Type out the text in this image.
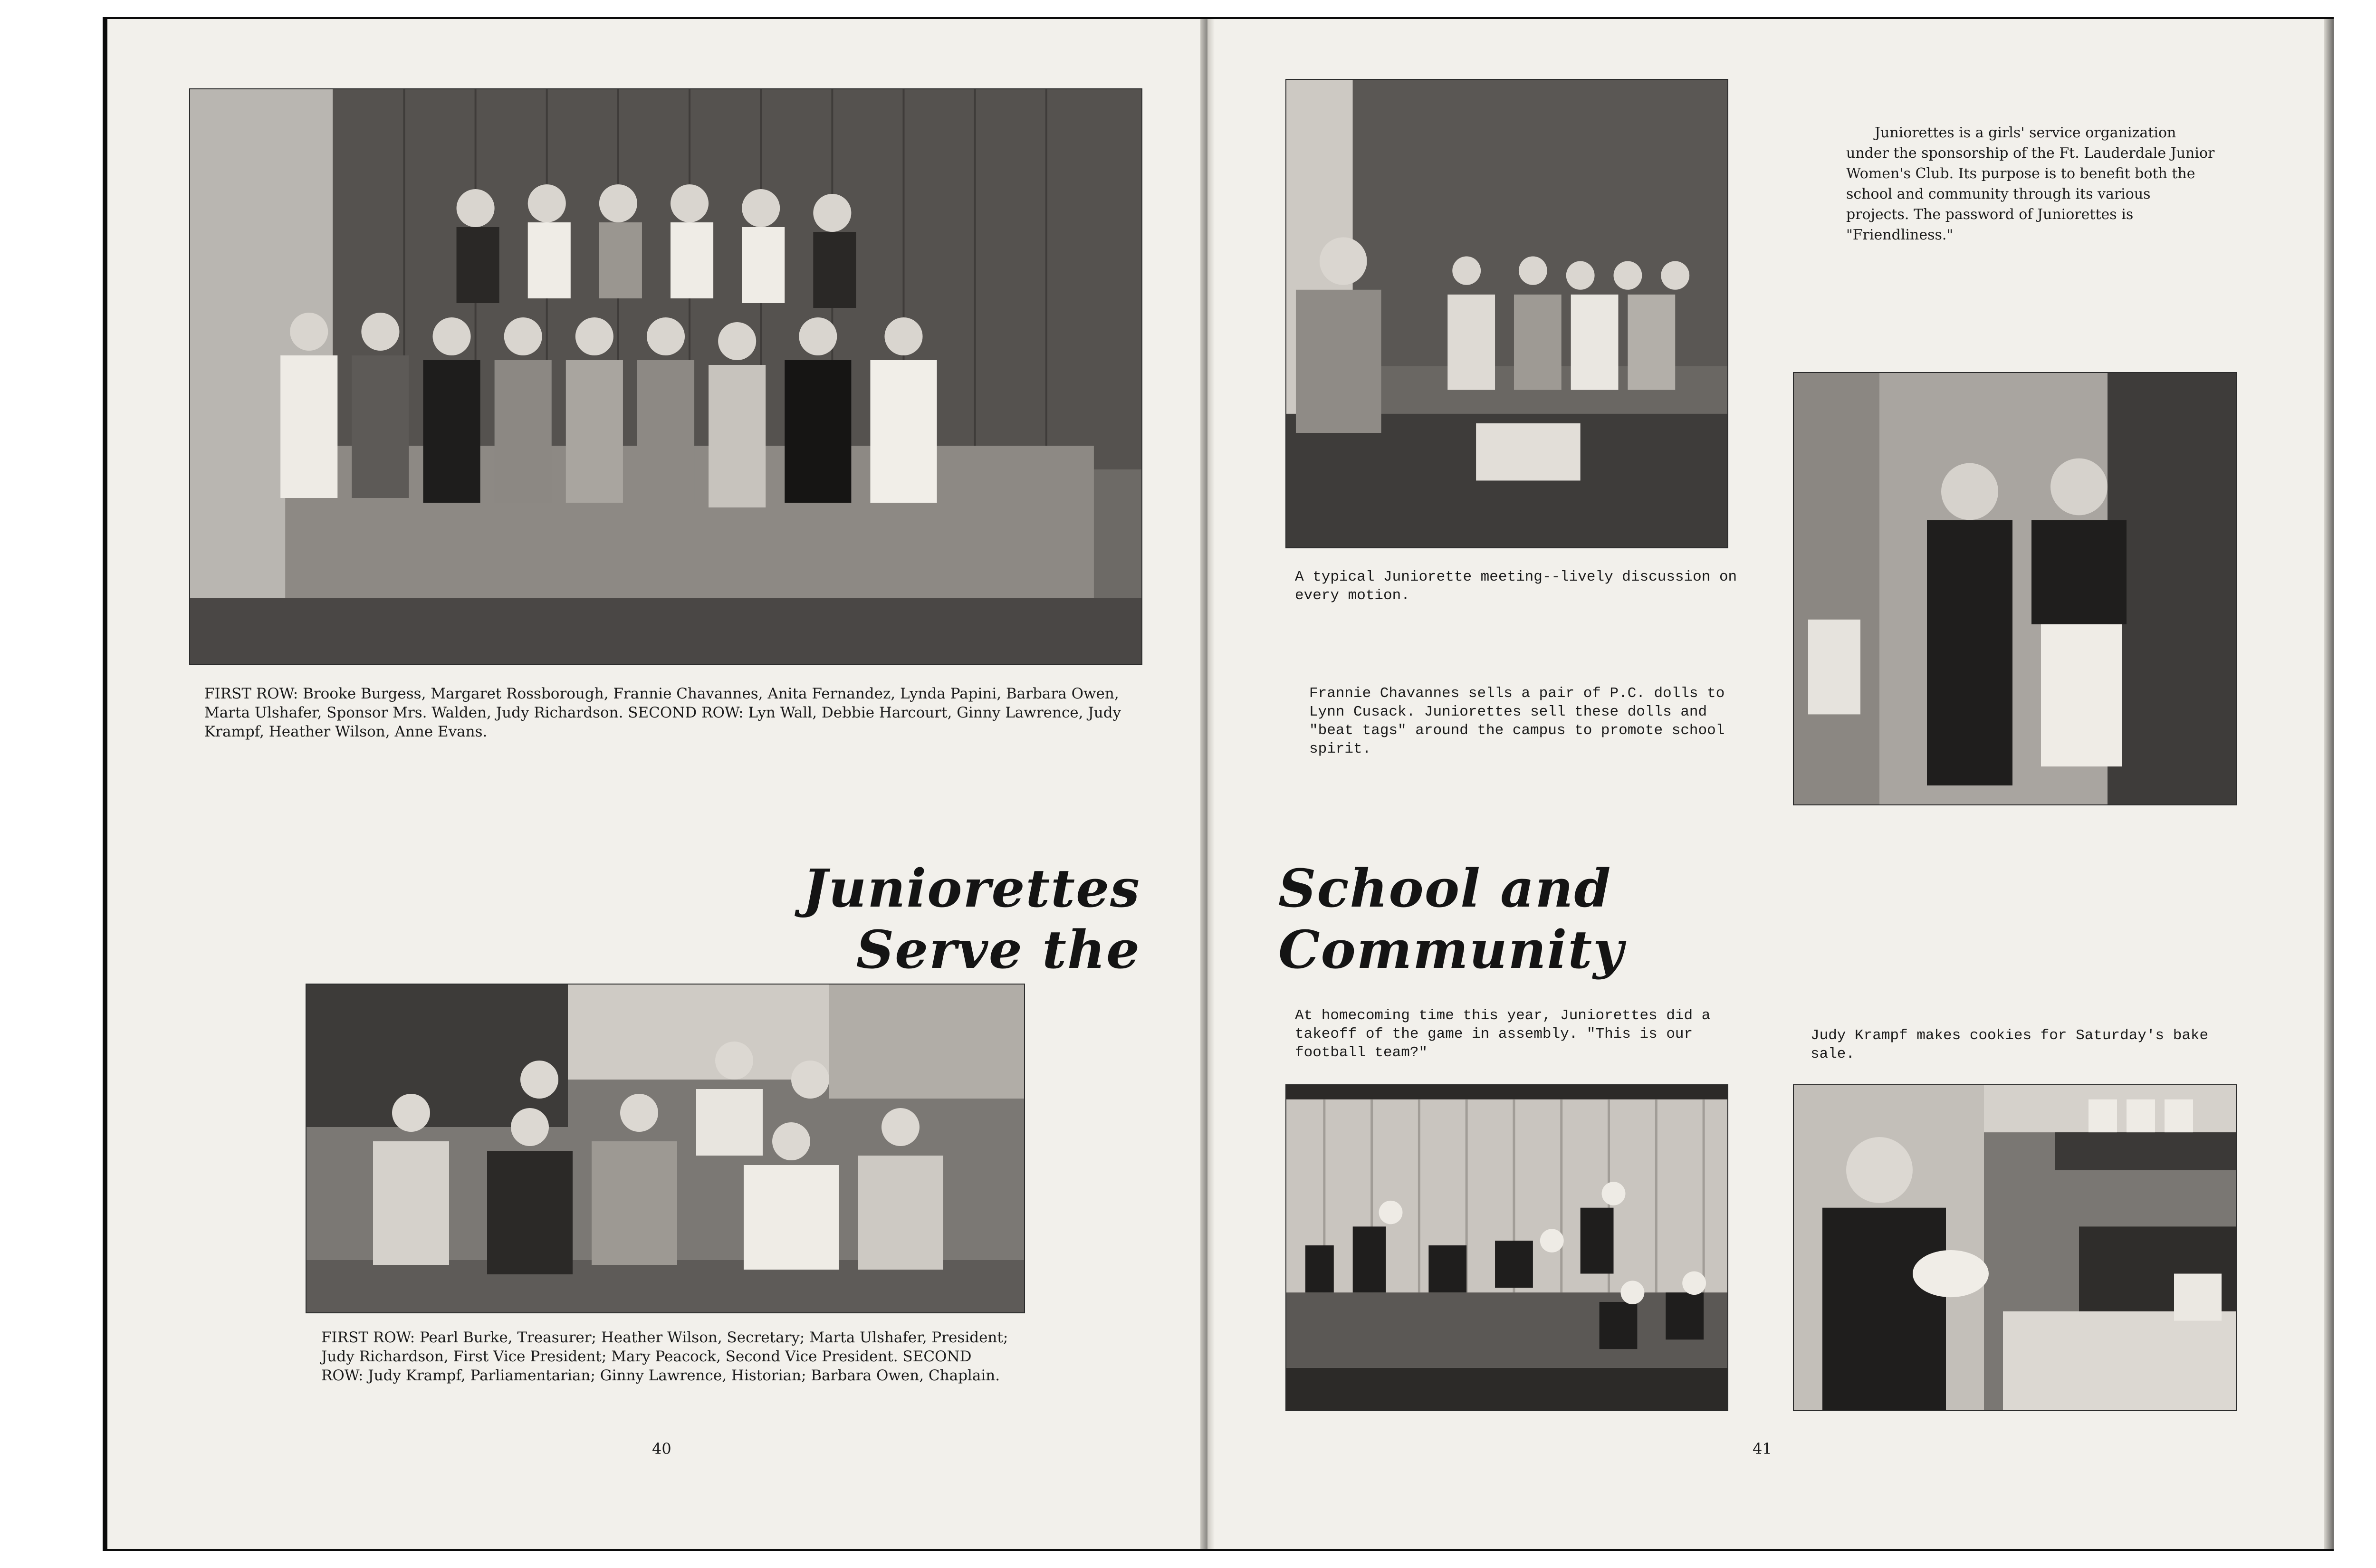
FIRST ROW: Brooke Burgess, Margaret Rossborough, Frannie Chavannes, Anita Fernandez, Lynda Papini, Barbara Owen, Marta Ulshafer, Sponsor Mrs. Walden, Judy Richardson. SECOND ROW: Lyn Wall, Debbie Harcourt, Ginny Lawrence, Judy Krampf, Heather Wilson, Anne Evans.
Juniorettes Serve the
FIRST ROW: Pearl Burke, Treasurer; Heather Wilson, Secretary; Marta Ulshafer, President; Judy Richardson, First Vice President; Mary Peacock, Second Vice President. SECOND ROW: Judy Krampf, Parliamentarian; Ginny Lawrence, Historian; Barbara Owen, Chaplain.
40
A typical Juniorette meeting--lively discussion on every motion.
Juniorettes is a girls' service organization under the sponsorship of the Ft. Lauderdale Junior Women's Club. Its purpose is to benefit both the school and community through its various projects. The password of Juniorettes is "Friendliness."
Frannie Chavannes sells a pair of P.C. dolls to Lynn Cusack. Juniorettes sell these dolls and "beat tags" around the campus to promote school spirit.
School and Community
At homecoming time this year, Juniorettes did a takeoff of the game in assembly. "This is our football team?"
Judy Krampf makes cookies for Saturday's bake sale.
41
